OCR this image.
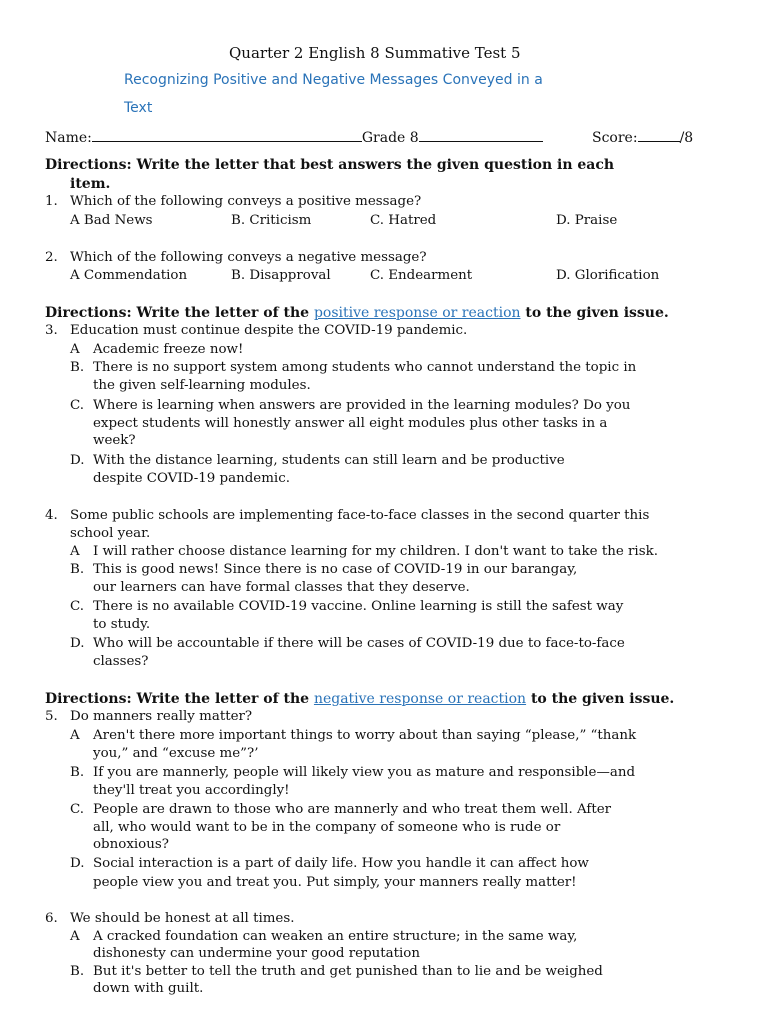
Quarter 2 English 8 Summative Test 5
Recognizing Positive and Negative Messages Conveyed in a
Text
Name:	Grade 8	Score:	/8
Directions: Write the letter that best answers the given question in each
item.
1. Which of the following conveys a positive message?
A Bad News	B. Criticism	C. Hatred	D. Praise
2. Which of the following conveys a negative message?
A Commendation	B. Disapproval	C. Endearment	D. Glorification
Directions: Write the letter of the positive response or reaction to the given issue.
3. Education must continue despite the COVID-19 pandemic.
A Academic freeze now!
B. There is no support system among students who cannot understand the topic in
the given self-learning modules.
C. Where is learning when answers are provided in the learning modules? Do you
expect students will honestly answer all eight modules plus other tasks in a
week?
D. With the distance learning, students can still learn and be productive
despite COVID-19 pandemic.
4. Some public schools are implementing face-to-face classes in the second quarter this
school year.
A I will rather choose distance learning for my children. I don't want to take the risk.
B. This is good news! Since there is no case of COVID-19 in our barangay,
our learners can have formal classes that they deserve.
C. There is no available COVID-19 vaccine. Online learning is still the safest way
to study.
D. Who will be accountable if there will be cases of COVID-19 due to face-to-face
classes?
Directions: Write the letter of the negative response or reaction to the given issue.
5. Do manners really matter?
A Aren't there more important things to worry about than saying “please,” “thank
you,” and “excuse me”?’
B. If you are mannerly, people will likely view you as mature and responsible—and
they'll treat you accordingly!
C. People are drawn to those who are mannerly and who treat them well. After
all, who would want to be in the company of someone who is rude or
obnoxious?
D. Social interaction is a part of daily life. How you handle it can affect how
people view you and treat you. Put simply, your manners really matter!
6. We should be honest at all times.
A A cracked foundation can weaken an entire structure; in the same way,
dishonesty can undermine your good reputation
B. But it's better to tell the truth and get punished than to lie and be weighed
down with guilt.
